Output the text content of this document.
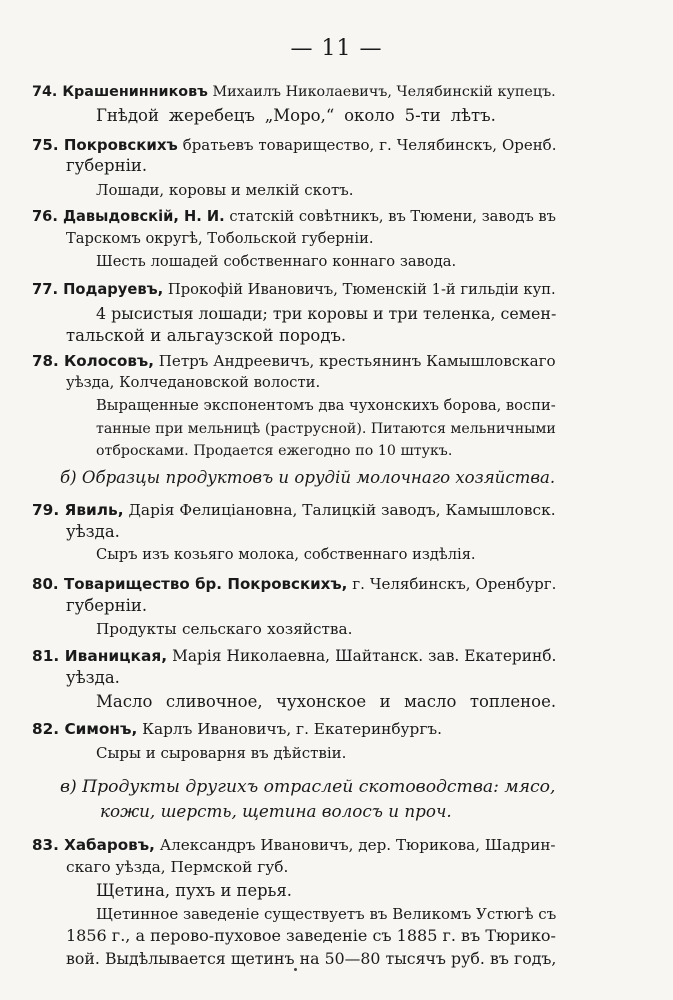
— 11 —
74. Крашенинниковъ Михаилъ Николаевичъ, Челябинскій купецъ.
Гнѣдой жеребецъ „Моро,“ около 5-ти лѣтъ.
75. Покровскихъ братьевъ товарищество, г. Челябинскъ, Оренб.
губерніи.
Лошади, коровы и мелкій скотъ.
76. Давыдовскій, Н. И. статскій совѣтникъ, въ Тюмени, заводъ въ
Тарскомъ округѣ, Тобольской губерніи.
Шесть лошадей собственнаго коннаго завода.
77. Подаруевъ, Прокофій Ивановичъ, Тюменскій 1-й гильдіи куп.
4 рысистыя лошади; три коровы и три теленка, семен-
тальской и альгаузской породъ.
78. Колосовъ, Петръ Андреевичъ, крестьянинъ Камышловскаго
уѣзда, Колчедановской волости.
Выращенные экспонентомъ два чухонскихъ борова, воспи-
танные при мельницѣ (раструсной). Питаются мельничными
отбросками. Продается ежегодно по 10 штукъ.
79. Явиль, Дарія Фелиціановна, Талицкій заводъ, Камышловск.
уѣзда.
Сыръ изъ козьяго молока, собственнаго издѣлія.
80. Товарищество бр. Покровскихъ, г. Челябинскъ, Оренбург.
губерніи.
Продукты сельскаго хозяйства.
81. Иваницкая, Марія Николаевна, Шайтанск. зав. Екатеринб.
уѣзда.
Масло сливочное, чухонское и масло топленое.
82. Симонъ, Карлъ Ивановичъ, г. Екатеринбургъ.
Сыры и сыроварня въ дѣйствіи.
83. Хабаровъ, Александръ Ивановичъ, дер. Тюрикова, Шадрин-
скаго уѣзда, Пермской губ.
Щетина, пухъ и перья.
Щетинное заведеніе существуетъ въ Великомъ Устюгѣ съ
1856 г., а перово-пуховое заведеніе съ 1885 г. въ Тюрико-
вой. Выдѣлывается щетинъ на 50—80 тысячъ руб. въ годъ,
б) Образцы продуктовъ и орудій молочнаго хозяйства.
в) Продукты другихъ отраслей скотоводства: мясо,
кожи, шерсть, щетина волосъ и проч.
